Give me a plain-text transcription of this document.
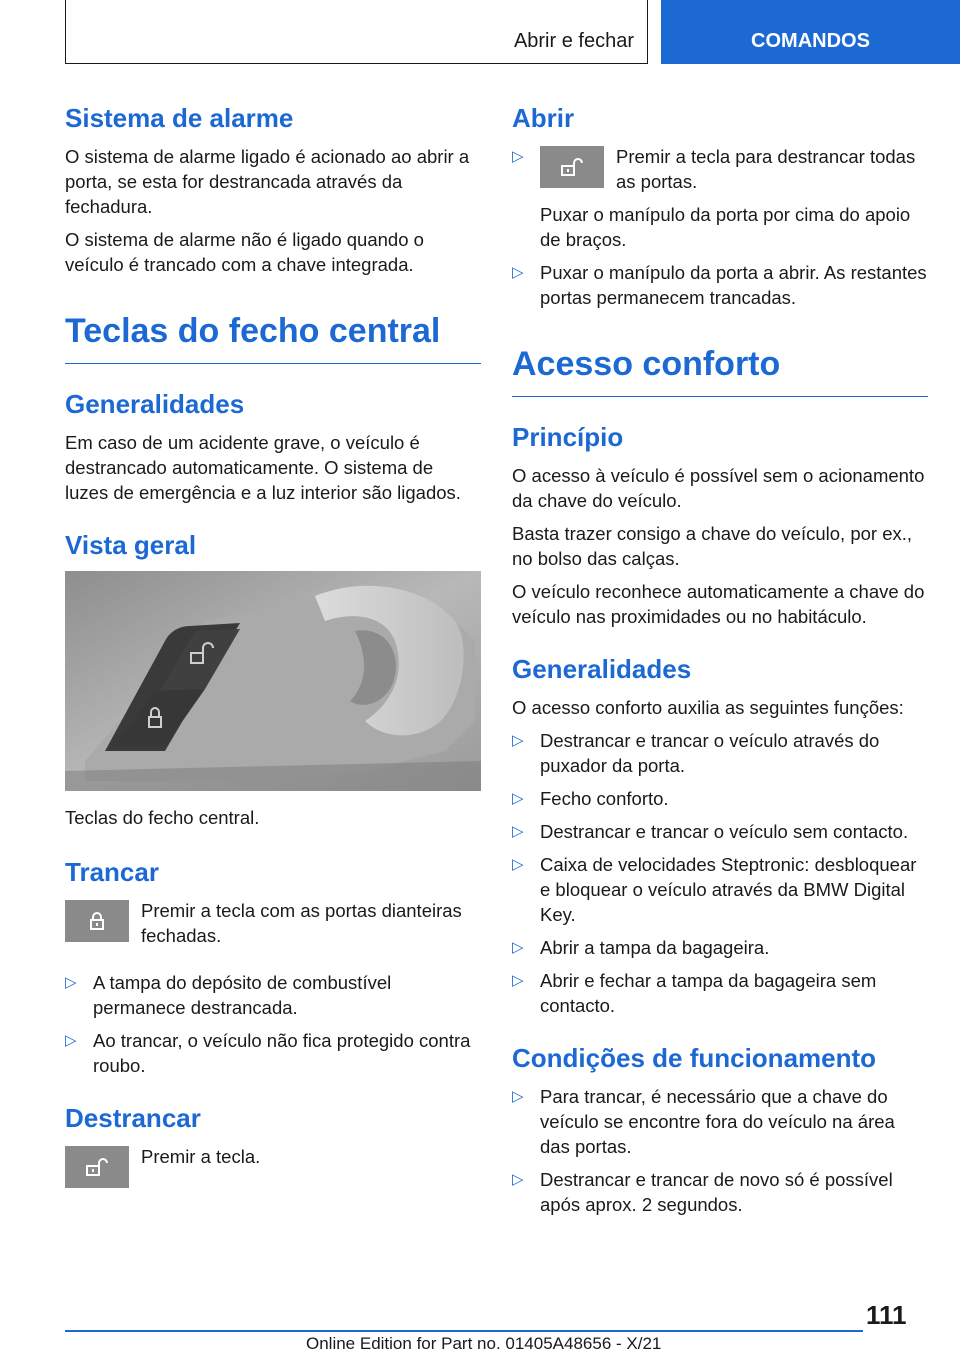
Abrir e fechar	COMANDOS
Sistema de alarme

O sistema de alarme ligado é acionado ao abrir a porta, se esta for destrancada através da fechadura.

O sistema de alarme não é ligado quando o veículo é trancado com a chave integrada.

Teclas do fecho central
Generalidades

Em caso de um acidente grave, o veículo é destrancado automaticamente. O sistema de luzes de emergência e a luz interior são ligados.

Vista geral

Teclas do fecho central.

Trancar

Premir a tecla com as portas dianteiras fechadas.

▷ A tampa do depósito de combustível permanece destrancada.
▷ Ao trancar, o veículo não fica protegido contra roubo.
Destrancar

Premir a tecla.

Abrir
▷	Premir a tecla para destrancar todas as portas.

Puxar o manípulo da porta por cima do apoio de braços.

▷ Puxar o manípulo da porta a abrir. As restantes portas permanecem trancadas.
Acesso conforto
Princípio

O acesso à veículo é possível sem o acionamento da chave do veículo.

Basta trazer consigo a chave do veículo, por ex., no bolso das calças.

O veículo reconhece automaticamente a chave do veículo nas proximidades ou no habitáculo.

Generalidades

O acesso conforto auxilia as seguintes funções:

▷ Destrancar e trancar o veículo através do puxador da porta.
▷ Fecho conforto.
▷ Destrancar e trancar o veículo sem contacto.
▷ Caixa de velocidades Steptronic: desbloquear e bloquear o veículo através da BMW Digital Key.
▷ Abrir a tampa da bagageira.
▷ Abrir e fechar a tampa da bagageira sem contacto.
Condições de funcionamento
▷ Para trancar, é necessário que a chave do veículo se encontre fora do veículo na área das portas.
▷ Destrancar e trancar de novo só é possível após aprox. 2 segundos.
111
Online Edition for Part no. 01405A48656 - X/21
